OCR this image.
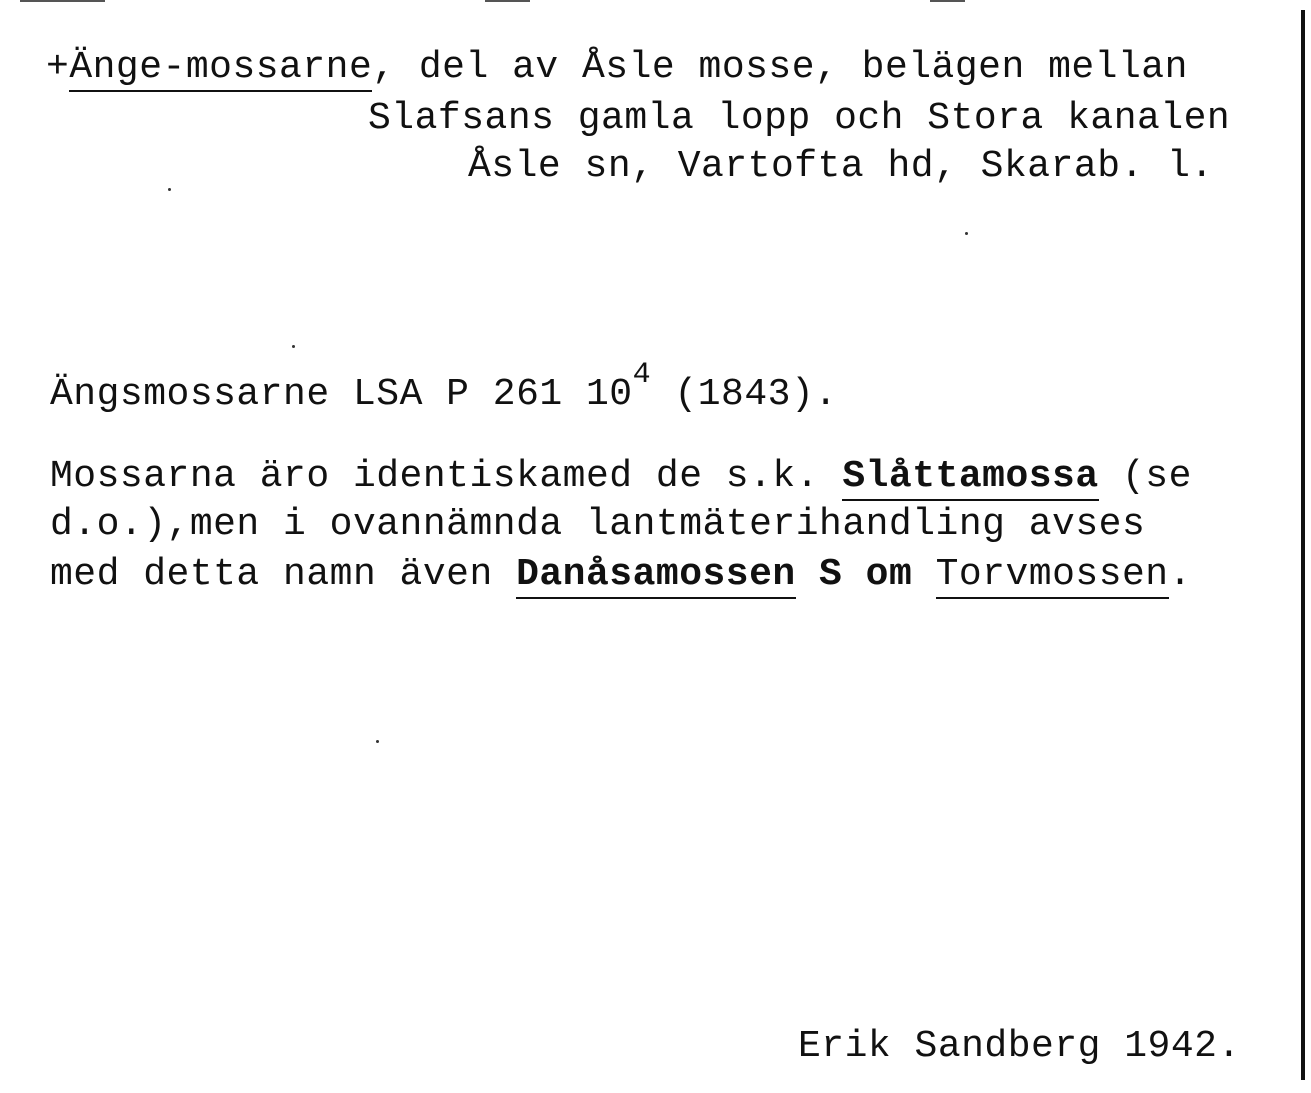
+Änge-mossarne, del av Åsle mosse, belägen mellan
Slafsans gamla lopp och Stora kanalen
Åsle sn, Vartofta hd, Skarab. l.
Ängsmossarne LSA P 261 $10^4$ (1843).
Mossarna äro identiskamed de s.k. Slåttamossa (se
d.o.),men i ovannämnda lantmäterihandling avses
med detta namn även Danåsamossen S om Torvmossen.
Erik Sandberg 1942.
